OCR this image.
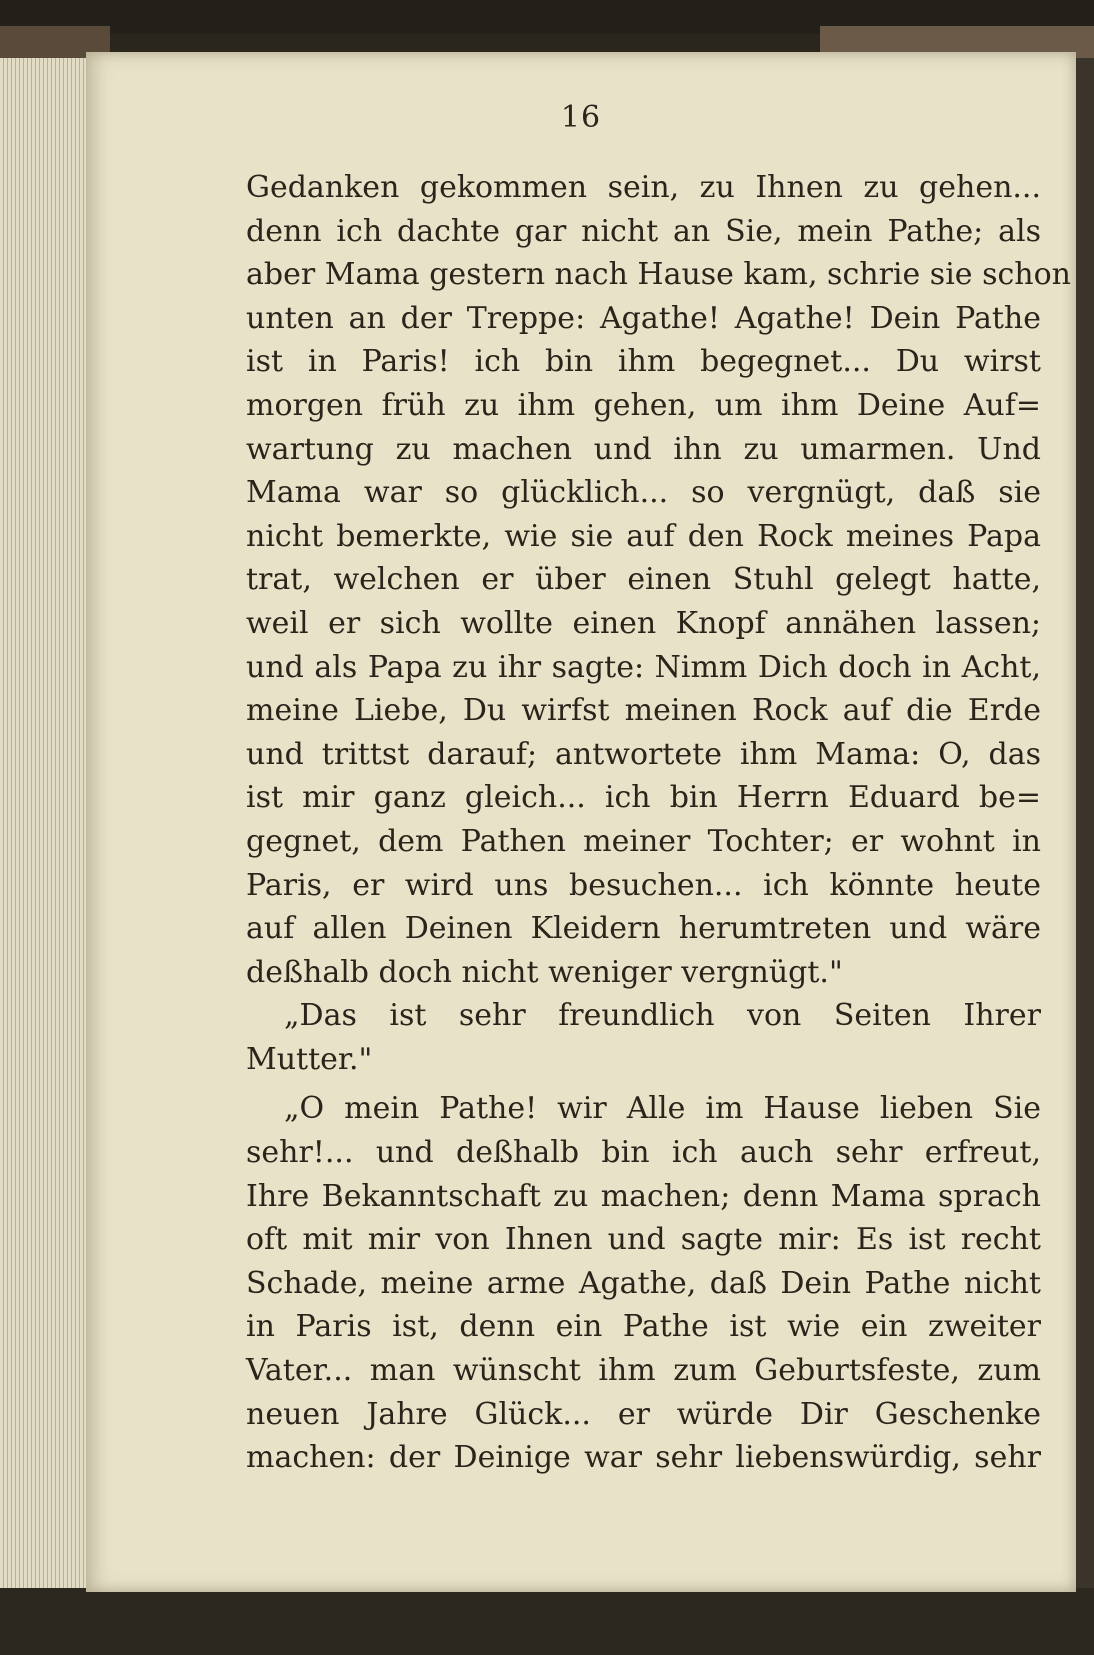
16
Gedanken gekommen sein, zu Ihnen zu gehen...
denn ich dachte gar nicht an Sie, mein Pathe; als
aber Mama gestern nach Hause kam, schrie sie schon
unten an der Treppe: Agathe! Agathe! Dein Pathe
ist in Paris! ich bin ihm begegnet... Du wirst
morgen früh zu ihm gehen, um ihm Deine Auf=
wartung zu machen und ihn zu umarmen. Und
Mama war so glücklich... so vergnügt, daß sie
nicht bemerkte, wie sie auf den Rock meines Papa
trat, welchen er über einen Stuhl gelegt hatte,
weil er sich wollte einen Knopf annähen lassen;
und als Papa zu ihr sagte: Nimm Dich doch in Acht,
meine Liebe, Du wirfst meinen Rock auf die Erde
und trittst darauf; antwortete ihm Mama: O, das
ist mir ganz gleich... ich bin Herrn Eduard be=
gegnet, dem Pathen meiner Tochter; er wohnt in
Paris, er wird uns besuchen... ich könnte heute
auf allen Deinen Kleidern herumtreten und wäre
deßhalb doch nicht weniger vergnügt."
„Das ist sehr freundlich von Seiten Ihrer
Mutter."
„O mein Pathe! wir Alle im Hause lieben Sie
sehr!... und deßhalb bin ich auch sehr erfreut,
Ihre Bekanntschaft zu machen; denn Mama sprach
oft mit mir von Ihnen und sagte mir: Es ist recht
Schade, meine arme Agathe, daß Dein Pathe nicht
in Paris ist, denn ein Pathe ist wie ein zweiter
Vater... man wünscht ihm zum Geburtsfeste, zum
neuen Jahre Glück... er würde Dir Geschenke
machen: der Deinige war sehr liebenswürdig, sehr
